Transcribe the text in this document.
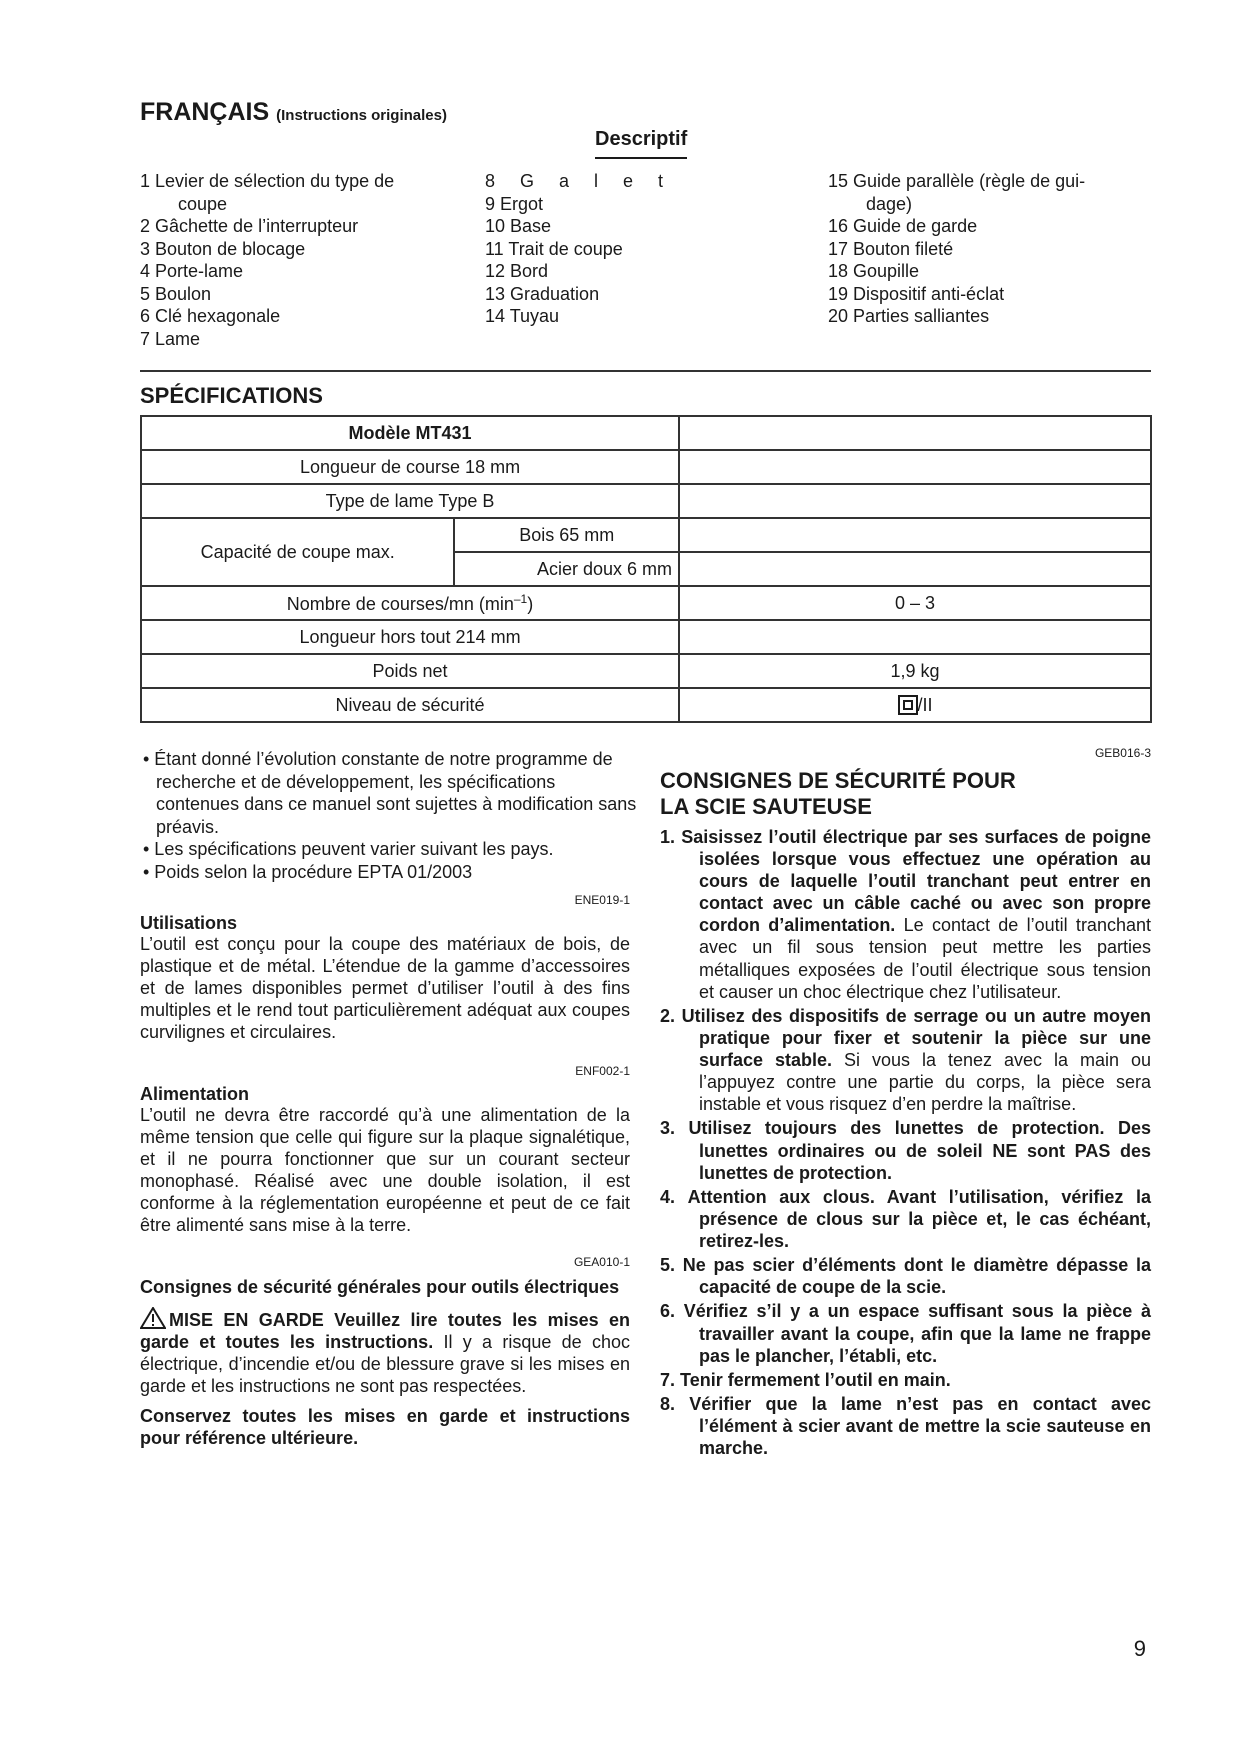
FRANÇAIS (Instructions originales)
Descriptif
1 Levier de sélection du type de
coupe
2 Gâchette de l’interrupteur
3 Bouton de blocage
4 Porte-lame
5 Boulon
6 Clé hexagonale
7 Lame
8 G a l e t
9 Ergot
10 Base
11 Trait de coupe
12 Bord
13 Graduation
14 Tuyau
15 Guide parallèle (règle de gui-
dage)
16 Guide de garde
17 Bouton fileté
18 Goupille
19 Dispositif anti-éclat
20 Parties salliantes
SPÉCIFICATIONS
Modèle MT431		
Longueur de course 18 mm		
Type de lame Type B		
Capacité de coupe max.	Bois 65 mm	
	Acier doux 6 mm	
Nombre de courses/mn $(\min^{-1})$		0 – 3
Longueur hors tout 214 mm		
Poids net		1,9 kg
Niveau de sécurité		/II
• Étant donné l’évolution constante de notre programme de recherche et de développement, les spécifications contenues dans ce manuel sont sujettes à modification sans préavis.
• Les spécifications peuvent varier suivant les pays.
• Poids selon la procédure EPTA 01/2003
ENE019-1
Utilisations
L’outil est conçu pour la coupe des matériaux de bois, de plastique et de métal. L’étendue de la gamme d’accessoires et de lames disponibles permet d’utiliser l’outil à des fins multiples et le rend tout particulièrement adéquat aux coupes curvilignes et circulaires.
ENF002-1
Alimentation
L’outil ne devra être raccordé qu’à une alimentation de la même tension que celle qui figure sur la plaque signalétique, et il ne pourra fonctionner que sur un courant secteur monophasé. Réalisé avec une double isolation, il est conforme à la réglementation européenne et peut de ce fait être alimenté sans mise à la terre.
GEA010-1
Consignes de sécurité générales pour outils électriques
MISE EN GARDE Veuillez lire toutes les mises en garde et toutes les instructions. Il y a risque de choc électrique, d’incendie et/ou de blessure grave si les mises en garde et les instructions ne sont pas respectées.
Conservez toutes les mises en garde et instructions pour référence ultérieure.
GEB016-3
CONSIGNES DE SÉCURITÉ POUR LA SCIE SAUTEUSE
1. Saisissez l’outil électrique par ses surfaces de poigne isolées lorsque vous effectuez une opération au cours de laquelle l’outil tranchant peut entrer en contact avec un câble caché ou avec son propre cordon d’alimentation. Le contact de l’outil tranchant avec un fil sous tension peut mettre les parties métalliques exposées de l’outil électrique sous tension et causer un choc électrique chez l’utilisateur.
2. Utilisez des dispositifs de serrage ou un autre moyen pratique pour fixer et soutenir la pièce sur une surface stable. Si vous la tenez avec la main ou l’appuyez contre une partie du corps, la pièce sera instable et vous risquez d’en perdre la maîtrise.
3. Utilisez toujours des lunettes de protection. Des lunettes ordinaires ou de soleil NE sont PAS des lunettes de protection.
4. Attention aux clous. Avant l’utilisation, vérifiez la présence de clous sur la pièce et, le cas échéant, retirez-les.
5. Ne pas scier d’éléments dont le diamètre dépasse la capacité de coupe de la scie.
6. Vérifiez s’il y a un espace suffisant sous la pièce à travailler avant la coupe, afin que la lame ne frappe pas le plancher, l’établi, etc.
7. Tenir fermement l’outil en main.
8. Vérifier que la lame n’est pas en contact avec l’élément à scier avant de mettre la scie sauteuse en marche.
9
